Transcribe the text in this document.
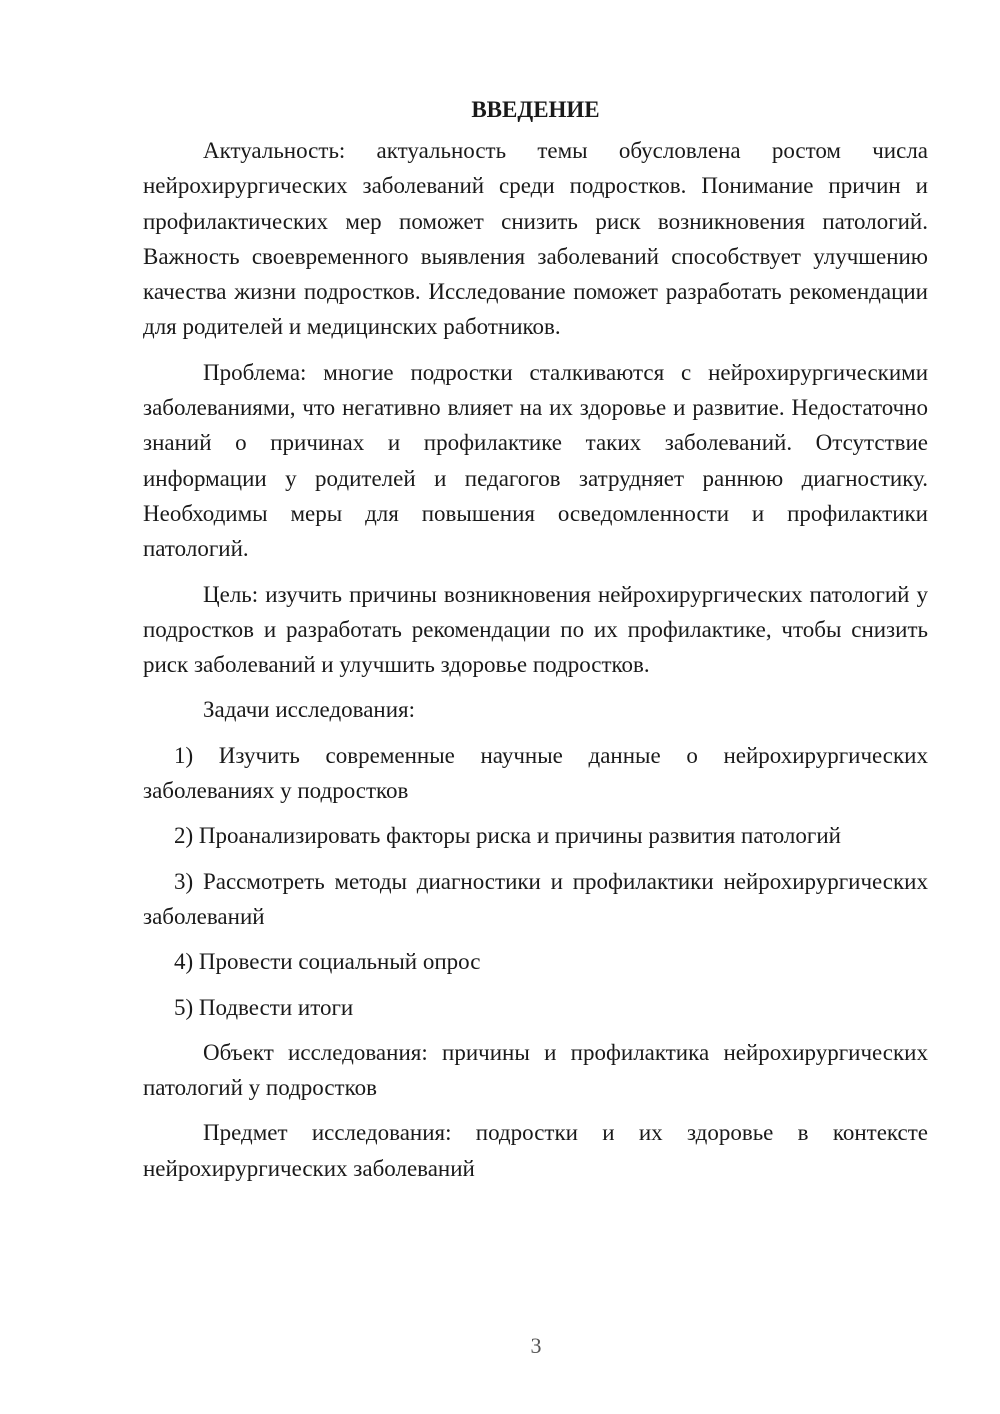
ВВЕДЕНИЕ

Актуальность: актуальность темы обусловлена ростом числа нейрохирургических заболеваний среди подростков. Понимание причин и профилактических мер поможет снизить риск возникновения патологий. Важность своевременного выявления заболеваний способствует улучшению качества жизни подростков. Исследование поможет разработать рекомендации для родителей и медицинских работников.

Проблема: многие подростки сталкиваются с нейрохирургическими заболеваниями, что негативно влияет на их здоровье и развитие. Недостаточно знаний о причинах и профилактике таких заболеваний. Отсутствие информации у родителей и педагогов затрудняет раннюю диагностику. Необходимы меры для повышения осведомленности и профилактики патологий.

Цель: изучить причины возникновения нейрохирургических патологий у подростков и разработать рекомендации по их профилактике, чтобы снизить риск заболеваний и улучшить здоровье подростков.

Задачи исследования:

1) Изучить современные научные данные о нейрохирургических заболеваниях у подростков

2) Проанализировать факторы риска и причины развития патологий

3) Рассмотреть методы диагностики и профилактики нейрохирургических заболеваний

4) Провести социальный опрос

5) Подвести итоги

Объект исследования: причины и профилактика нейрохирургических патологий у подростков

Предмет исследования: подростки и их здоровье в контексте нейрохирургических заболеваний

3
